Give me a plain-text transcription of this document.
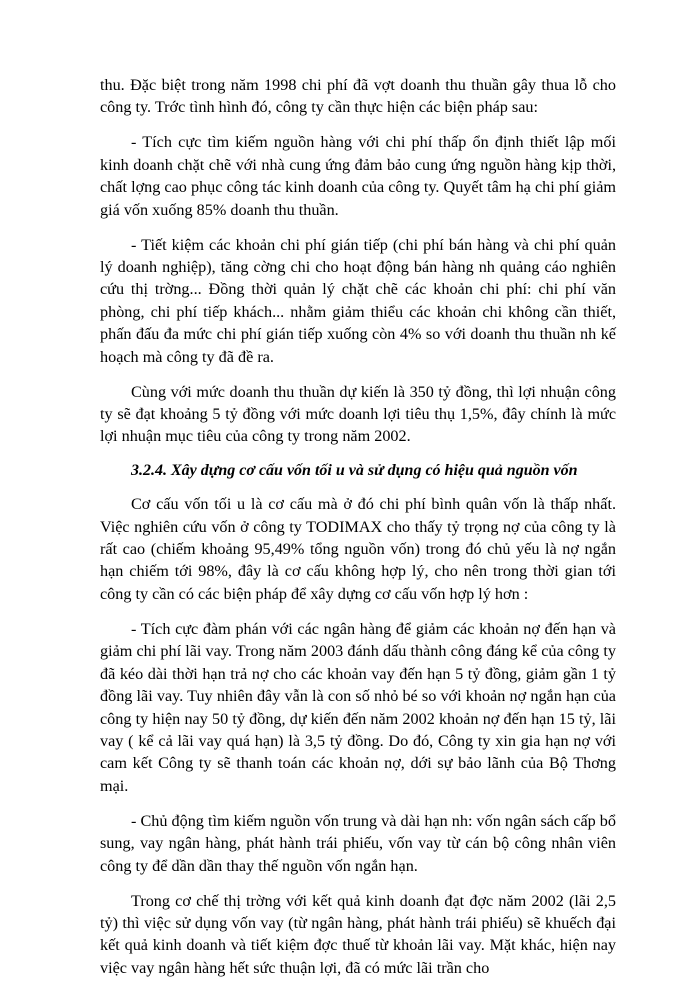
thu. Đặc biệt trong năm 1998 chi phí đã vợt doanh thu thuần gây thua lỗ cho công ty. Trớc tình hình đó, công ty cần thực hiện các biện pháp sau:

- Tích cực tìm kiếm nguồn hàng với chi phí thấp ổn định thiết lập mối kinh doanh chặt chẽ với nhà cung ứng đảm bảo cung ứng nguồn hàng kịp thời, chất lợng cao phục công tác kinh doanh của công ty. Quyết tâm hạ chi phí giảm giá vốn xuống 85% doanh thu thuần.

- Tiết kiệm các khoản chi phí gián tiếp (chi phí bán hàng và chi phí quản lý doanh nghiệp), tăng cờng chi cho hoạt động bán hàng nh quảng cáo nghiên cứu thị trờng... Đồng thời quản lý chặt chẽ các khoản chi phí: chi phí văn phòng, chi phí tiếp khách... nhằm giảm thiểu các khoản chi không cần thiết, phấn đấu đa mức chi phí gián tiếp xuống còn 4% so với doanh thu thuần nh kế hoạch mà công ty đã đề ra.

Cùng với mức doanh thu thuần dự kiến là 350 tỷ đồng, thì lợi nhuận công ty sẽ đạt khoảng 5 tỷ đồng với mức doanh lợi tiêu thụ 1,5%, đây chính là mức lợi nhuận mục tiêu của công ty trong năm 2002.

3.2.4. Xây dựng cơ cấu vốn tối u và sử dụng có hiệu quả nguồn vốn

Cơ cấu vốn tối u là cơ cấu mà ở đó chi phí bình quân vốn là thấp nhất. Việc nghiên cứu vốn ở công ty TODIMAX cho thấy tỷ trọng nợ của công ty là rất cao (chiếm khoảng 95,49% tổng nguồn vốn) trong đó chủ yếu là nợ ngắn hạn chiếm tới 98%, đây là cơ cấu không hợp lý, cho nên trong thời gian tới công ty cần có các biện pháp để xây dựng cơ cấu vốn hợp lý hơn :

- Tích cực đàm phán với các ngân hàng để giảm các khoản nợ đến hạn và giảm chi phí lãi vay. Trong năm 2003 đánh dấu thành công đáng kể của công ty đã kéo dài thời hạn trả nợ cho các khoản vay đến hạn 5 tỷ đồng, giảm gần 1 tỷ đồng lãi vay. Tuy nhiên đây vẫn là con số nhỏ bé so với khoản nợ ngắn hạn của công ty hiện nay 50 tỷ đồng, dự kiến đến năm 2002 khoản nợ đến hạn 15 tỷ, lãi vay ( kể cả lãi vay quá hạn) là 3,5 tỷ đồng. Do đó, Công ty xin gia hạn nợ với cam kết Công ty sẽ thanh toán các khoản nợ, dới sự bảo lãnh của Bộ Thơng mại.

- Chủ động tìm kiếm nguồn vốn trung và dài hạn nh: vốn ngân sách cấp bổ sung, vay ngân hàng, phát hành trái phiếu, vốn vay từ cán bộ công nhân viên công ty để dần dần thay thế nguồn vốn ngắn hạn.

Trong cơ chế thị trờng với kết quả kinh doanh đạt đợc năm 2002 (lãi 2,5 tỷ) thì việc sử dụng vốn vay (từ ngân hàng, phát hành trái phiếu) sẽ khuếch đại kết quả kinh doanh và tiết kiệm đợc thuế từ khoản lãi vay. Mặt khác, hiện nay việc vay ngân hàng hết sức thuận lợi, đã có mức lãi trần cho
